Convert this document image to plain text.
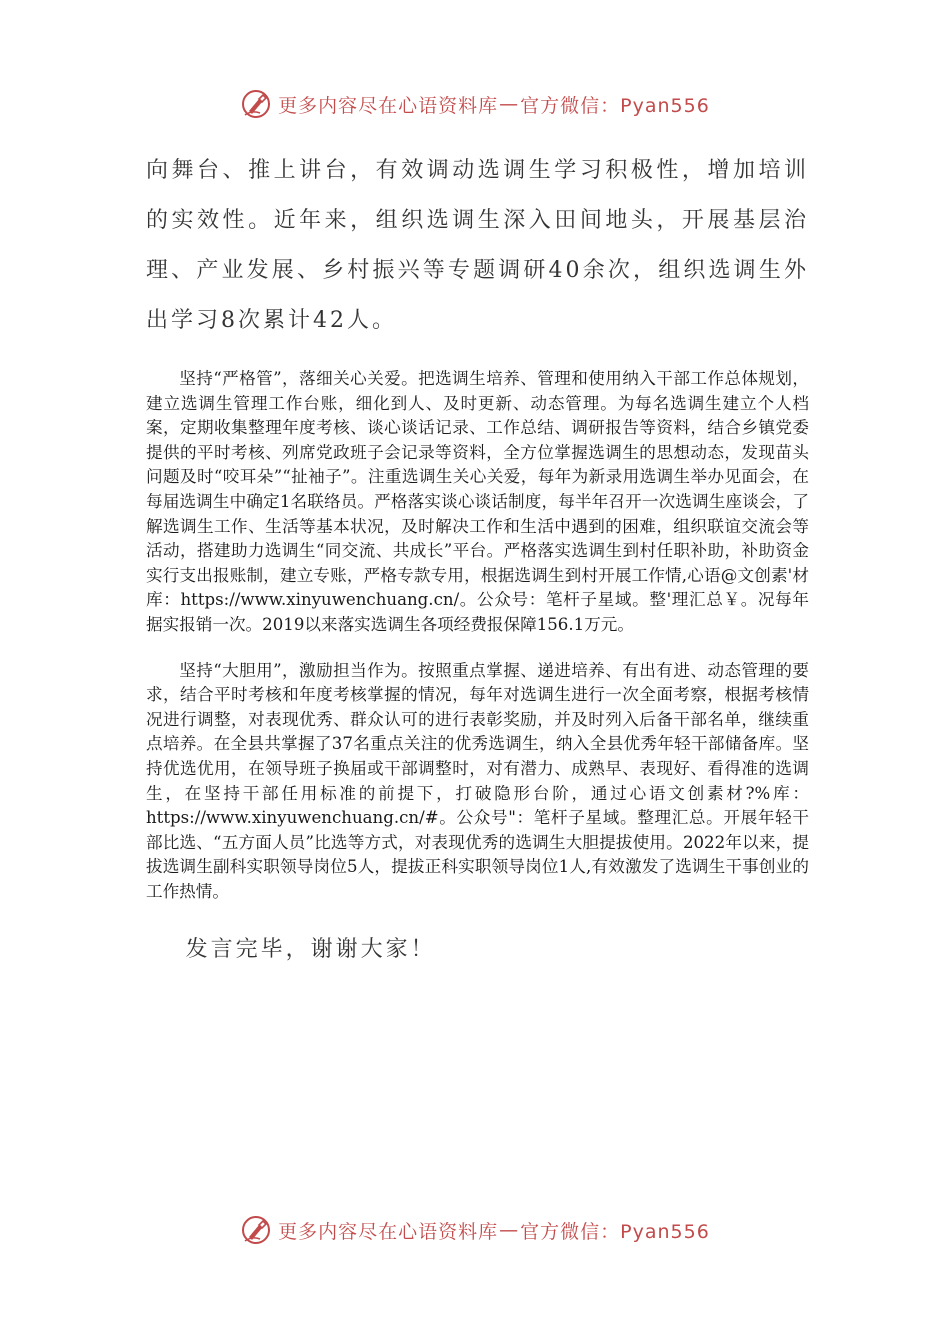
更多内容尽在心语资料库 — 官方微信：Pyan556

向舞台、推上讲台，有效调动选调生学习积极性，增加培训的实效性。近年来，组织选调生深入田间地头，开展基层治理、产业发展、乡村振兴等专题调研40余次，组织选调生外出学习8次累计42人。

坚持“严格管”，落细关心关爱。把选调生培养、管理和使用纳入干部工作总体规划，建立选调生管理工作台账，细化到人、及时更新、动态管理。为每名选调生建立个人档案，定期收集整理年度考核、谈心谈话记录、工作总结、调研报告等资料，结合乡镇党委提供的平时考核、列席党政班子会记录等资料，全方位掌握选调生的思想动态，发现苗头问题及时“咬耳朵”“扯袖子”。注重选调生关心关爱，每年为新录用选调生举办见面会，在每届选调生中确定1名联络员。严格落实谈心谈话制度，每半年召开一次选调生座谈会，了解选调生工作、生活等基本状况，及时解决工作和生活中遇到的困难，组织联谊交流会等活动，搭建助力选调生“同交流、共成长”平台。严格落实选调生到村任职补助，补助资金实行支出报账制，建立专账，严格专款专用，根据选调生到村开展工作情,心语@文创素'材库：https://www.xinyuwenchuang.cn/。公众号：笔杆子星域。整'理汇总￥。况每年据实报销一次。2019以来落实选调生各项经费报保障156.1万元。

坚持“大胆用”，激励担当作为。按照重点掌握、递进培养、有出有进、动态管理的要求，结合平时考核和年度考核掌握的情况，每年对选调生进行一次全面考察，根据考核情况进行调整，对表现优秀、群众认可的进行表彰奖励，并及时列入后备干部名单，继续重点培养。在全县共掌握了37名重点关注的优秀选调生，纳入全县优秀年轻干部储备库。坚持优选优用，在领导班子换届或干部调整时，对有潜力、成熟早、表现好、看得准的选调生，在坚持干部任用标准的前提下，打破隐形台阶，通过心语文创素材?%库：https://www.xinyuwenchuang.cn/#。公众号"：笔杆子星域。整理汇总。开展年轻干部比选、“五方面人员”比选等方式，对表现优秀的选调生大胆提拔使用。2022年以来，提拔选调生副科实职领导岗位5人，提拔正科实职领导岗位1人,有效激发了选调生干事创业的工作热情。

发言完毕，谢谢大家！

更多内容尽在心语资料库 — 官方微信：Pyan556
